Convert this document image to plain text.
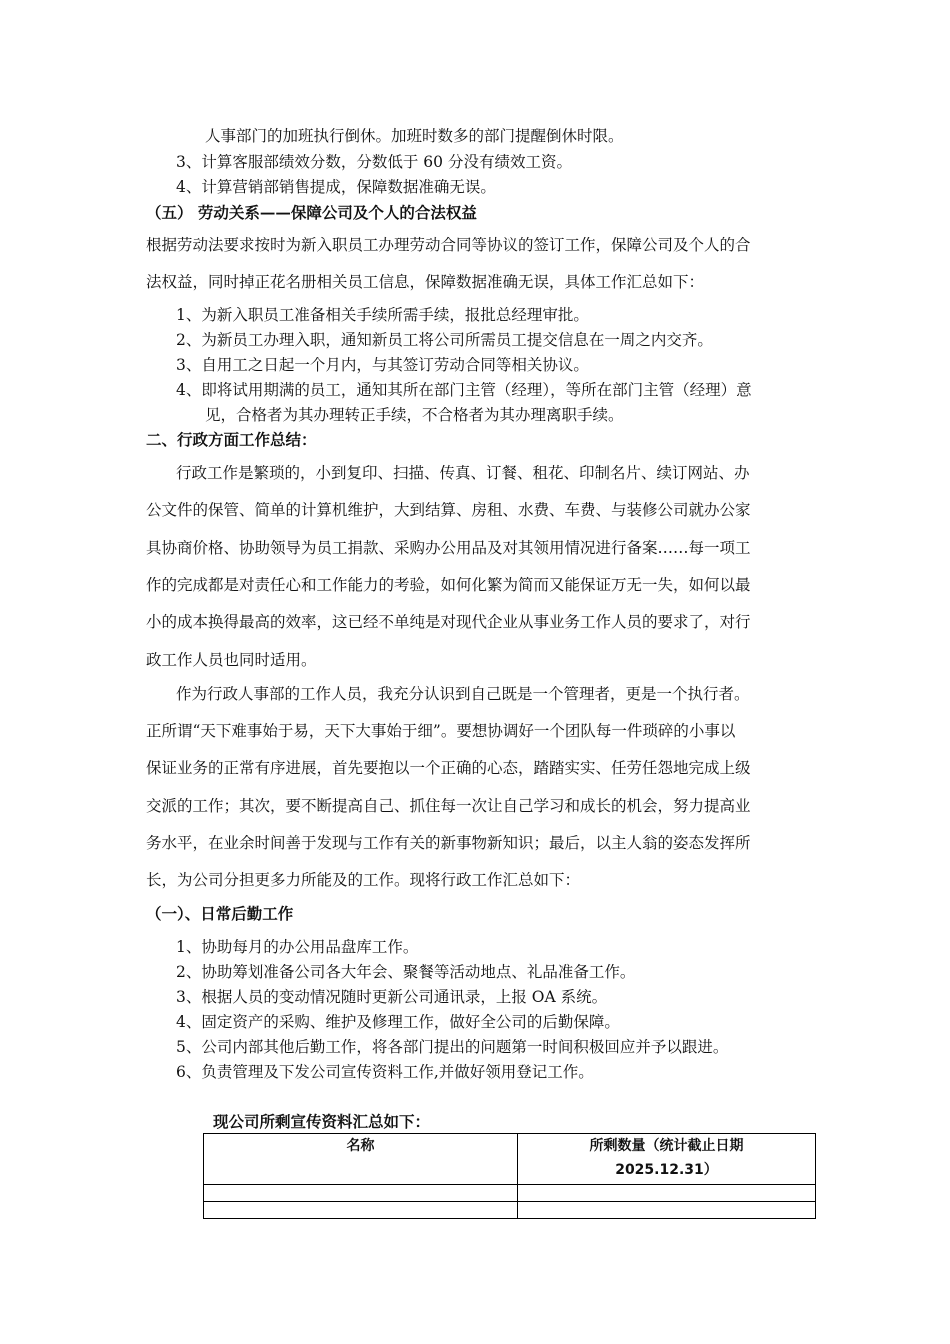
人事部门的加班执行倒休。加班时数多的部门提醒倒休时限。
3、计算客服部绩效分数，分数低于 60 分没有绩效工资。
4、计算营销部销售提成，保障数据准确无误。
（五） 劳动关系——保障公司及个人的合法权益
根据劳动法要求按时为新入职员工办理劳动合同等协议的签订工作，保障公司及个人的合
法权益，同时掉正花名册相关员工信息，保障数据准确无误，具体工作汇总如下：
1、为新入职员工准备相关手续所需手续，报批总经理审批。
2、为新员工办理入职，通知新员工将公司所需员工提交信息在一周之内交齐。
3、自用工之日起一个月内，与其签订劳动合同等相关协议。
4、即将试用期满的员工，通知其所在部门主管（经理），等所在部门主管（经理）意
见，合格者为其办理转正手续，不合格者为其办理离职手续。
二、行政方面工作总结：
行政工作是繁琐的，小到复印、扫描、传真、订餐、租花、印制名片、续订网站、办
公文件的保管、简单的计算机维护，大到结算、房租、水费、车费、与装修公司就办公家
具协商价格、协助领导为员工捐款、采购办公用品及对其领用情况进行备案……每一项工
作的完成都是对责任心和工作能力的考验，如何化繁为简而又能保证万无一失，如何以最
小的成本换得最高的效率，这已经不单纯是对现代企业从事业务工作人员的要求了，对行
政工作人员也同时适用。
作为行政人事部的工作人员，我充分认识到自己既是一个管理者，更是一个执行者。
正所谓“天下难事始于易，天下大事始于细”。要想协调好一个团队每一件琐碎的小事以
保证业务的正常有序进展，首先要抱以一个正确的心态，踏踏实实、任劳任怨地完成上级
交派的工作；其次，要不断提高自己、抓住每一次让自己学习和成长的机会，努力提高业
务水平，在业余时间善于发现与工作有关的新事物新知识；最后，以主人翁的姿态发挥所
长，为公司分担更多力所能及的工作。现将行政工作汇总如下：
（一）、日常后勤工作
1、协助每月的办公用品盘库工作。
2、协助筹划准备公司各大年会、聚餐等活动地点、礼品准备工作。
3、根据人员的变动情况随时更新公司通讯录，上报 OA 系统。
4、固定资产的采购、维护及修理工作，做好全公司的后勤保障。
5、公司内部其他后勤工作，将各部门提出的问题第一时间积极回应并予以跟进。
6、负责管理及下发公司宣传资料工作,并做好领用登记工作。
现公司所剩宣传资料汇总如下：
名称	所剩数量（统计截止日期
2025.12.31）
